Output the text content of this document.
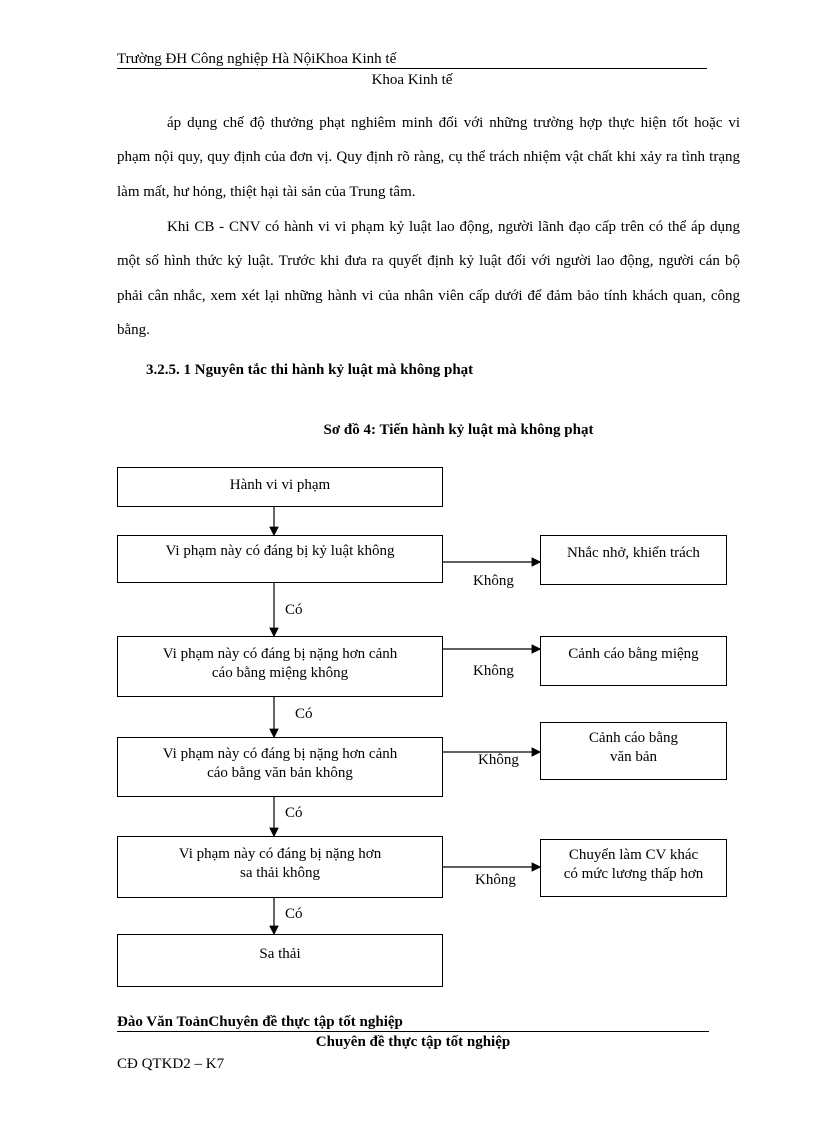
Trường ĐH Công nghiệp Hà NộiKhoa Kinh tế
Khoa Kinh tế
áp dụng chế độ thưởng phạt nghiêm minh đối với những trường hợp thực hiện tốt hoặc vi phạm nội quy, quy định của đơn vị. Quy định rõ ràng, cụ thể trách nhiệm vật chất khi xảy ra tình trạng làm mất, hư hỏng, thiệt hại tài sản của Trung tâm.
Khi CB - CNV có hành vi vi phạm kỷ luật lao động, người lãnh đạo cấp trên có thể áp dụng một số hình thức kỷ luật. Trước khi đưa ra quyết định kỷ luật đối với người lao động, người cán bộ phải cân nhắc, xem xét lại những hành vi của nhân viên cấp dưới để đảm bảo tính khách quan, công bằng.
3.2.5. 1 Nguyên tắc thi hành kỷ luật mà không phạt
Sơ đồ 4: Tiến hành kỷ luật mà không phạt
Hành vi vi phạm
Vi phạm này có đáng bị kỷ luật không
Vi phạm này có đáng bị nặng hơn cảnh
cáo bằng miệng không
Vi phạm này có đáng bị nặng hơn cảnh
cáo bằng văn bản không
Vi phạm này có đáng bị nặng hơn
sa thải không
Sa thải
Nhắc nhở, khiển trách
Cảnh cáo bằng miệng
Cảnh cáo bằng
văn bản
Chuyển làm CV khác
có mức lương thấp hơn
Có
Có
Có
Có
Không
Không
Không
Không
Đào Văn ToảnChuyên đề thực tập tốt nghiệp
Chuyên đề thực tập tốt nghiệp
CĐ QTKD2 – K7
